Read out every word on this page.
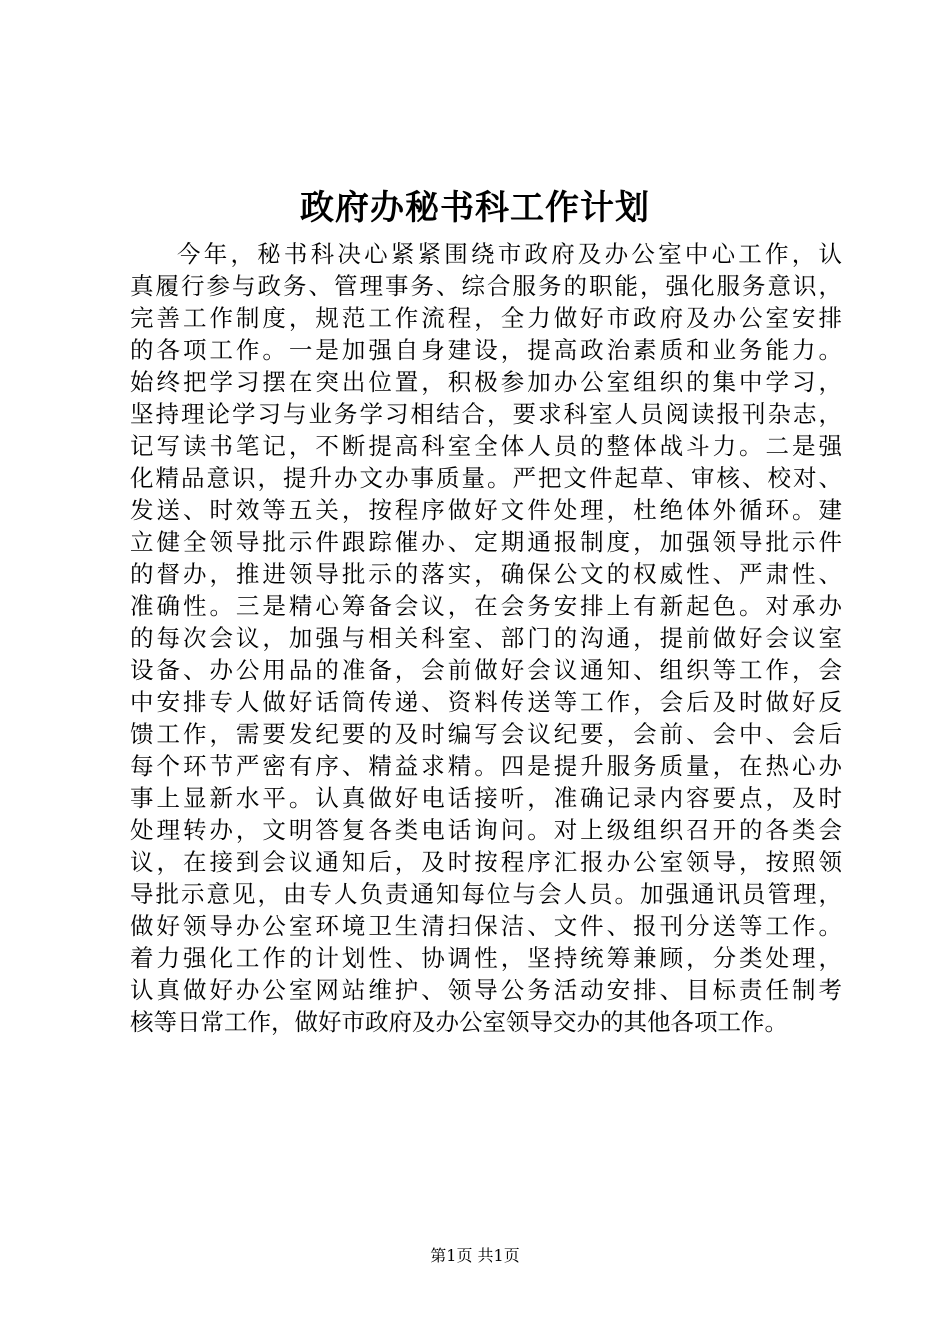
政府办秘书科工作计划
今年，秘书科决心紧紧围绕市政府及办公室中心工作，认
真履行参与政务、管理事务、综合服务的职能，强化服务意识，
完善工作制度，规范工作流程，全力做好市政府及办公室安排
的各项工作。一是加强自身建设，提高政治素质和业务能力。
始终把学习摆在突出位置，积极参加办公室组织的集中学习，
坚持理论学习与业务学习相结合，要求科室人员阅读报刊杂志，
记写读书笔记，不断提高科室全体人员的整体战斗力。二是强
化精品意识，提升办文办事质量。严把文件起草、审核、校对、
发送、时效等五关，按程序做好文件处理，杜绝体外循环。建
立健全领导批示件跟踪催办、定期通报制度，加强领导批示件
的督办，推进领导批示的落实，确保公文的权威性、严肃性、
准确性。三是精心筹备会议，在会务安排上有新起色。对承办
的每次会议，加强与相关科室、部门的沟通，提前做好会议室
设备、办公用品的准备，会前做好会议通知、组织等工作，会
中安排专人做好话筒传递、资料传送等工作，会后及时做好反
馈工作，需要发纪要的及时编写会议纪要，会前、会中、会后
每个环节严密有序、精益求精。四是提升服务质量，在热心办
事上显新水平。认真做好电话接听，准确记录内容要点，及时
处理转办，文明答复各类电话询问。对上级组织召开的各类会
议，在接到会议通知后，及时按程序汇报办公室领导，按照领
导批示意见，由专人负责通知每位与会人员。加强通讯员管理，
做好领导办公室环境卫生清扫保洁、文件、报刊分送等工作。
着力强化工作的计划性、协调性，坚持统筹兼顾，分类处理，
认真做好办公室网站维护、领导公务活动安排、目标责任制考
核等日常工作，做好市政府及办公室领导交办的其他各项工作。
第1页 共1页
